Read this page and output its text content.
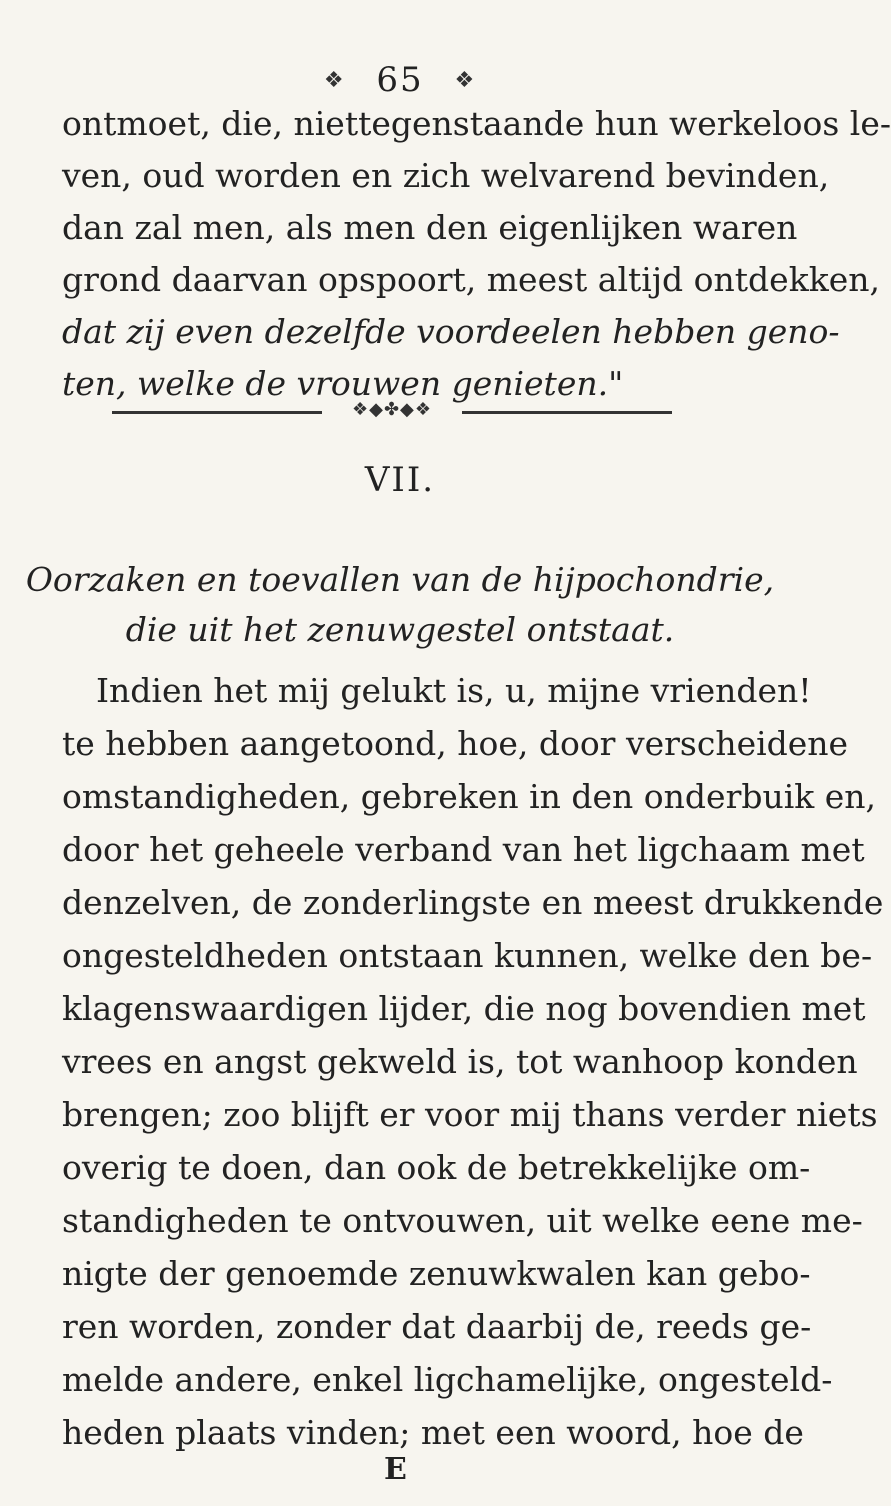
❖ 65 ❖
ontmoet, die, niettegenstaande hun werkeloos le-
ven, oud worden en zich welvarend bevinden,
dan zal men, als men den eigenlijken waren
grond daarvan opspoort, meest altijd ontdekken,
dat zij even dezelfde voordeelen hebben geno-
ten, welke de vrouwen genieten."
❖◆✤◆❖
VII.
Oorzaken en toevallen van de hijpochondrie,
die uit het zenuwgestel ontstaat.
Indien het mij gelukt is, u, mijne vrienden!
te hebben aangetoond, hoe, door verscheidene
omstandigheden, gebreken in den onderbuik en,
door het geheele verband van het ligchaam met
denzelven, de zonderlingste en meest drukkende
ongesteldheden ontstaan kunnen, welke den be-
klagenswaardigen lijder, die nog bovendien met
vrees en angst gekweld is, tot wanhoop konden
brengen; zoo blijft er voor mij thans verder niets
overig te doen, dan ook de betrekkelijke om-
standigheden te ontvouwen, uit welke eene me-
nigte der genoemde zenuwkwalen kan gebo-
ren worden, zonder dat daarbij de, reeds ge-
melde andere, enkel ligchamelijke, ongesteld-
heden plaats vinden; met een woord, hoe de
E
